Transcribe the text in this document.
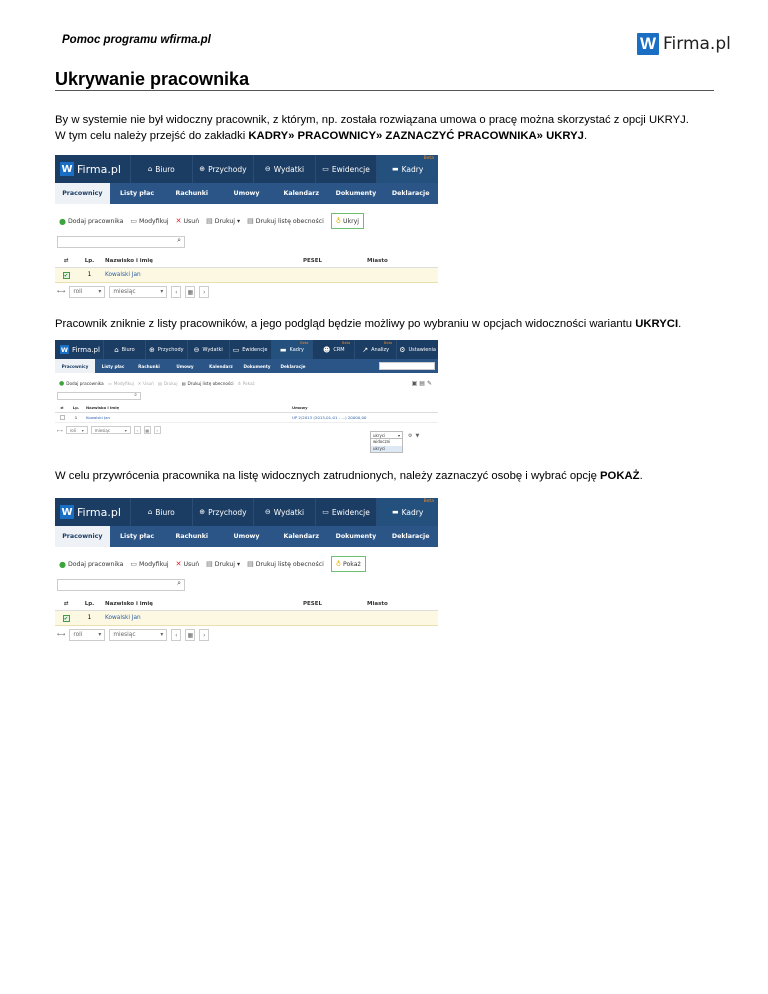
Pomoc programu wfirma.pl	W Firma.pl
Ukrywanie pracownika
By w systemie nie był widoczny pracownik, z którym, np. została rozwiązana umowa o pracę można skorzystać z opcji UKRYJ.
W tym celu należy przejść do zakładki KADRY» PRACOWNICY» ZAZNACZYĆ PRACOWNIKA» UKRYJ.
W Firma.pl	⌂ Biuro	⊕ Przychody	⊖ Wydatki	▭ Ewidencje	▬ Kadry
Beta
Pracownicy	Listy płac	Rachunki	Umowy	Kalendarz	Dokumenty	Deklaracje
● Dodaj pracownika ▭ Modyfikuj ✕ Usuń ▤ Drukuj ▾ ▤ Drukuj listę obecności ♁ Ukryj
⌕
⇄	Lp.	Nazwisko i imię	PESEL	Miasto
✔	1	Kowalski Jan
⟷ roli	▾ miesiąc	▾	‹	▦	›
Pracownik zniknie z listy pracowników, a jego podgląd będzie możliwy po wybraniu w opcjach widoczności wariantu UKRYCI.
W Firma.pl ⌂ Biuro ⊕ Przychody ⊖ Wydatki ▭ Ewidencje ▬ Kadry
Beta
☻ CRM
Beta
↗ Analizy
Beta
⚙ Ustawienia
Pracownicy	Listy płac	Rachunki	Umowy	Kalendarz	Dokumenty	Deklaracje
● Dodaj pracownika ▭ Modyfikuj ✕ Usuń ▤ Drukuj ▤ Drukuj listę obecności ♁ Pokaż	▣▤✎
⌕
⇄	Lp.	Nazwisko i imię	Umowy
1	Kowalski Jan	UP 2/2013 (2013-01-01 - ...) 20000,00
⟷ roli ▾	miesiąc	▾	‹	▦	›
ukryci	▾
widoczni
ukryci
⚙▼
W celu przywrócenia pracownika na listę widocznych zatrudnionych, należy zaznaczyć osobę i wybrać opcję POKAŻ.
W Firma.pl	⌂ Biuro	⊕ Przychody	⊖ Wydatki	▭ Ewidencje	▬ Kadry
Beta
Pracownicy	Listy płac	Rachunki	Umowy	Kalendarz	Dokumenty	Deklaracje
● Dodaj pracownika ▭ Modyfikuj ✕ Usuń ▤ Drukuj ▾ ▤ Drukuj listę obecności ♁ Pokaż
⌕
⇄	Lp.	Nazwisko i imię	PESEL	Miasto
✔	1	Kowalski Jan
⟷ roli	▾ miesiąc	▾	‹	▦	›
